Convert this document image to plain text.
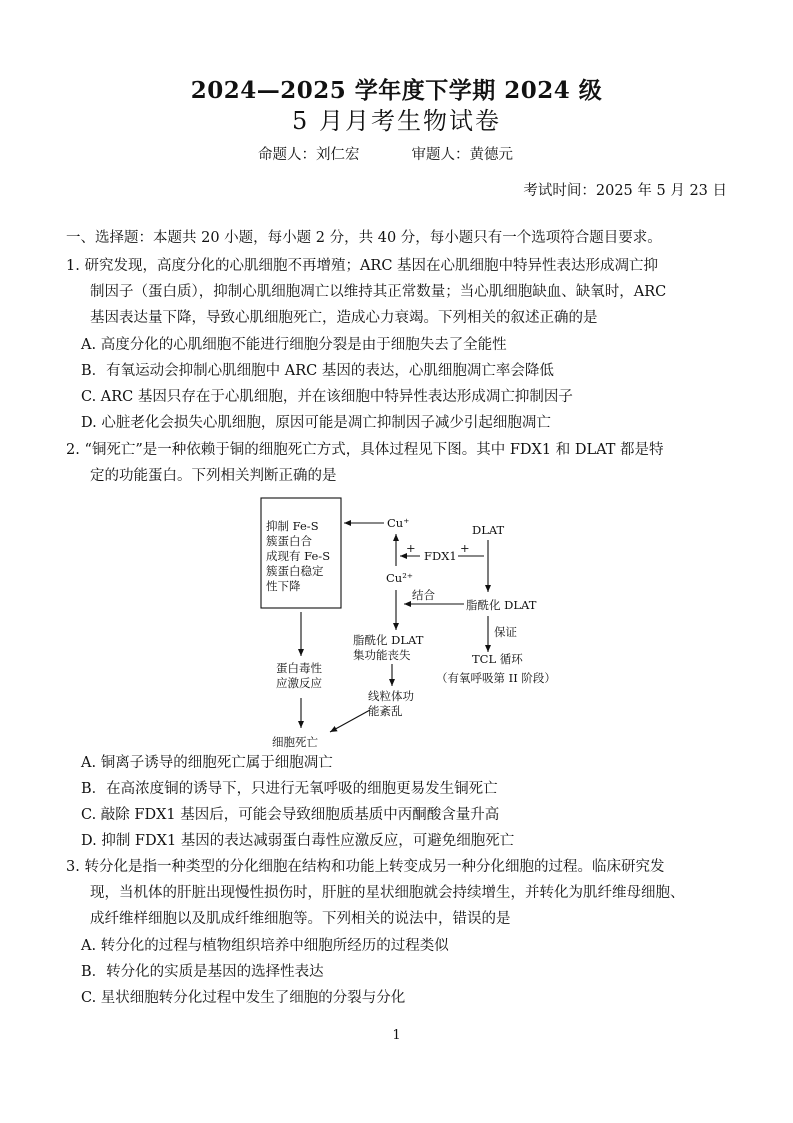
2024—2025 学年度下学期 2024 级
5 月月考生物试卷
命题人：刘仁宏	审题人：黄德元
考试时间：2025 年 5 月 23 日
一、选择题：本题共 20 小题，每小题 2 分，共 40 分，每小题只有一个选项符合题目要求。
1. 研究发现，高度分化的心肌细胞不再增殖；ARC 基因在心肌细胞中特异性表达形成凋亡抑
制因子（蛋白质），抑制心肌细胞凋亡以维持其正常数量；当心肌细胞缺血、缺氧时，ARC
基因表达量下降，导致心肌细胞死亡，造成心力衰竭。下列相关的叙述正确的是
A. 高度分化的心肌细胞不能进行细胞分裂是由于细胞失去了全能性
B．有氧运动会抑制心肌细胞中 ARC 基因的表达，心肌细胞凋亡率会降低
C. ARC 基因只存在于心肌细胞，并在该细胞中特异性表达形成凋亡抑制因子
D. 心脏老化会损失心肌细胞，原因可能是凋亡抑制因子减少引起细胞凋亡
2. “铜死亡”是一种依赖于铜的细胞死亡方式，具体过程见下图。其中 FDX1 和 DLAT 都是特
定的功能蛋白。下列相关判断正确的是
抑制 Fe-S
簇蛋白合
成现有 Fe-S
簇蛋白稳定
性下降
Cu⁺
Cu²⁺
FDX1
+	+
DLAT
结合
脂酰化 DLAT
保证
脂酰化 DLAT
集功能丧失	TCL 循环
（有氧呼吸第 II 阶段）
蛋白毒性
应激反应
线粒体功
能紊乱
细胞死亡
A. 铜离子诱导的细胞死亡属于细胞凋亡
B．在高浓度铜的诱导下，只进行无氧呼吸的细胞更易发生铜死亡
C. 敲除 FDX1 基因后，可能会导致细胞质基质中丙酮酸含量升高
D. 抑制 FDX1 基因的表达减弱蛋白毒性应激反应，可避免细胞死亡
3. 转分化是指一种类型的分化细胞在结构和功能上转变成另一种分化细胞的过程。临床研究发
现，当机体的肝脏出现慢性损伤时，肝脏的星状细胞就会持续增生，并转化为肌纤维母细胞、
成纤维样细胞以及肌成纤维细胞等。下列相关的说法中，错误的是
A. 转分化的过程与植物组织培养中细胞所经历的过程类似
B．转分化的实质是基因的选择性表达
C. 星状细胞转分化过程中发生了细胞的分裂与分化
1
